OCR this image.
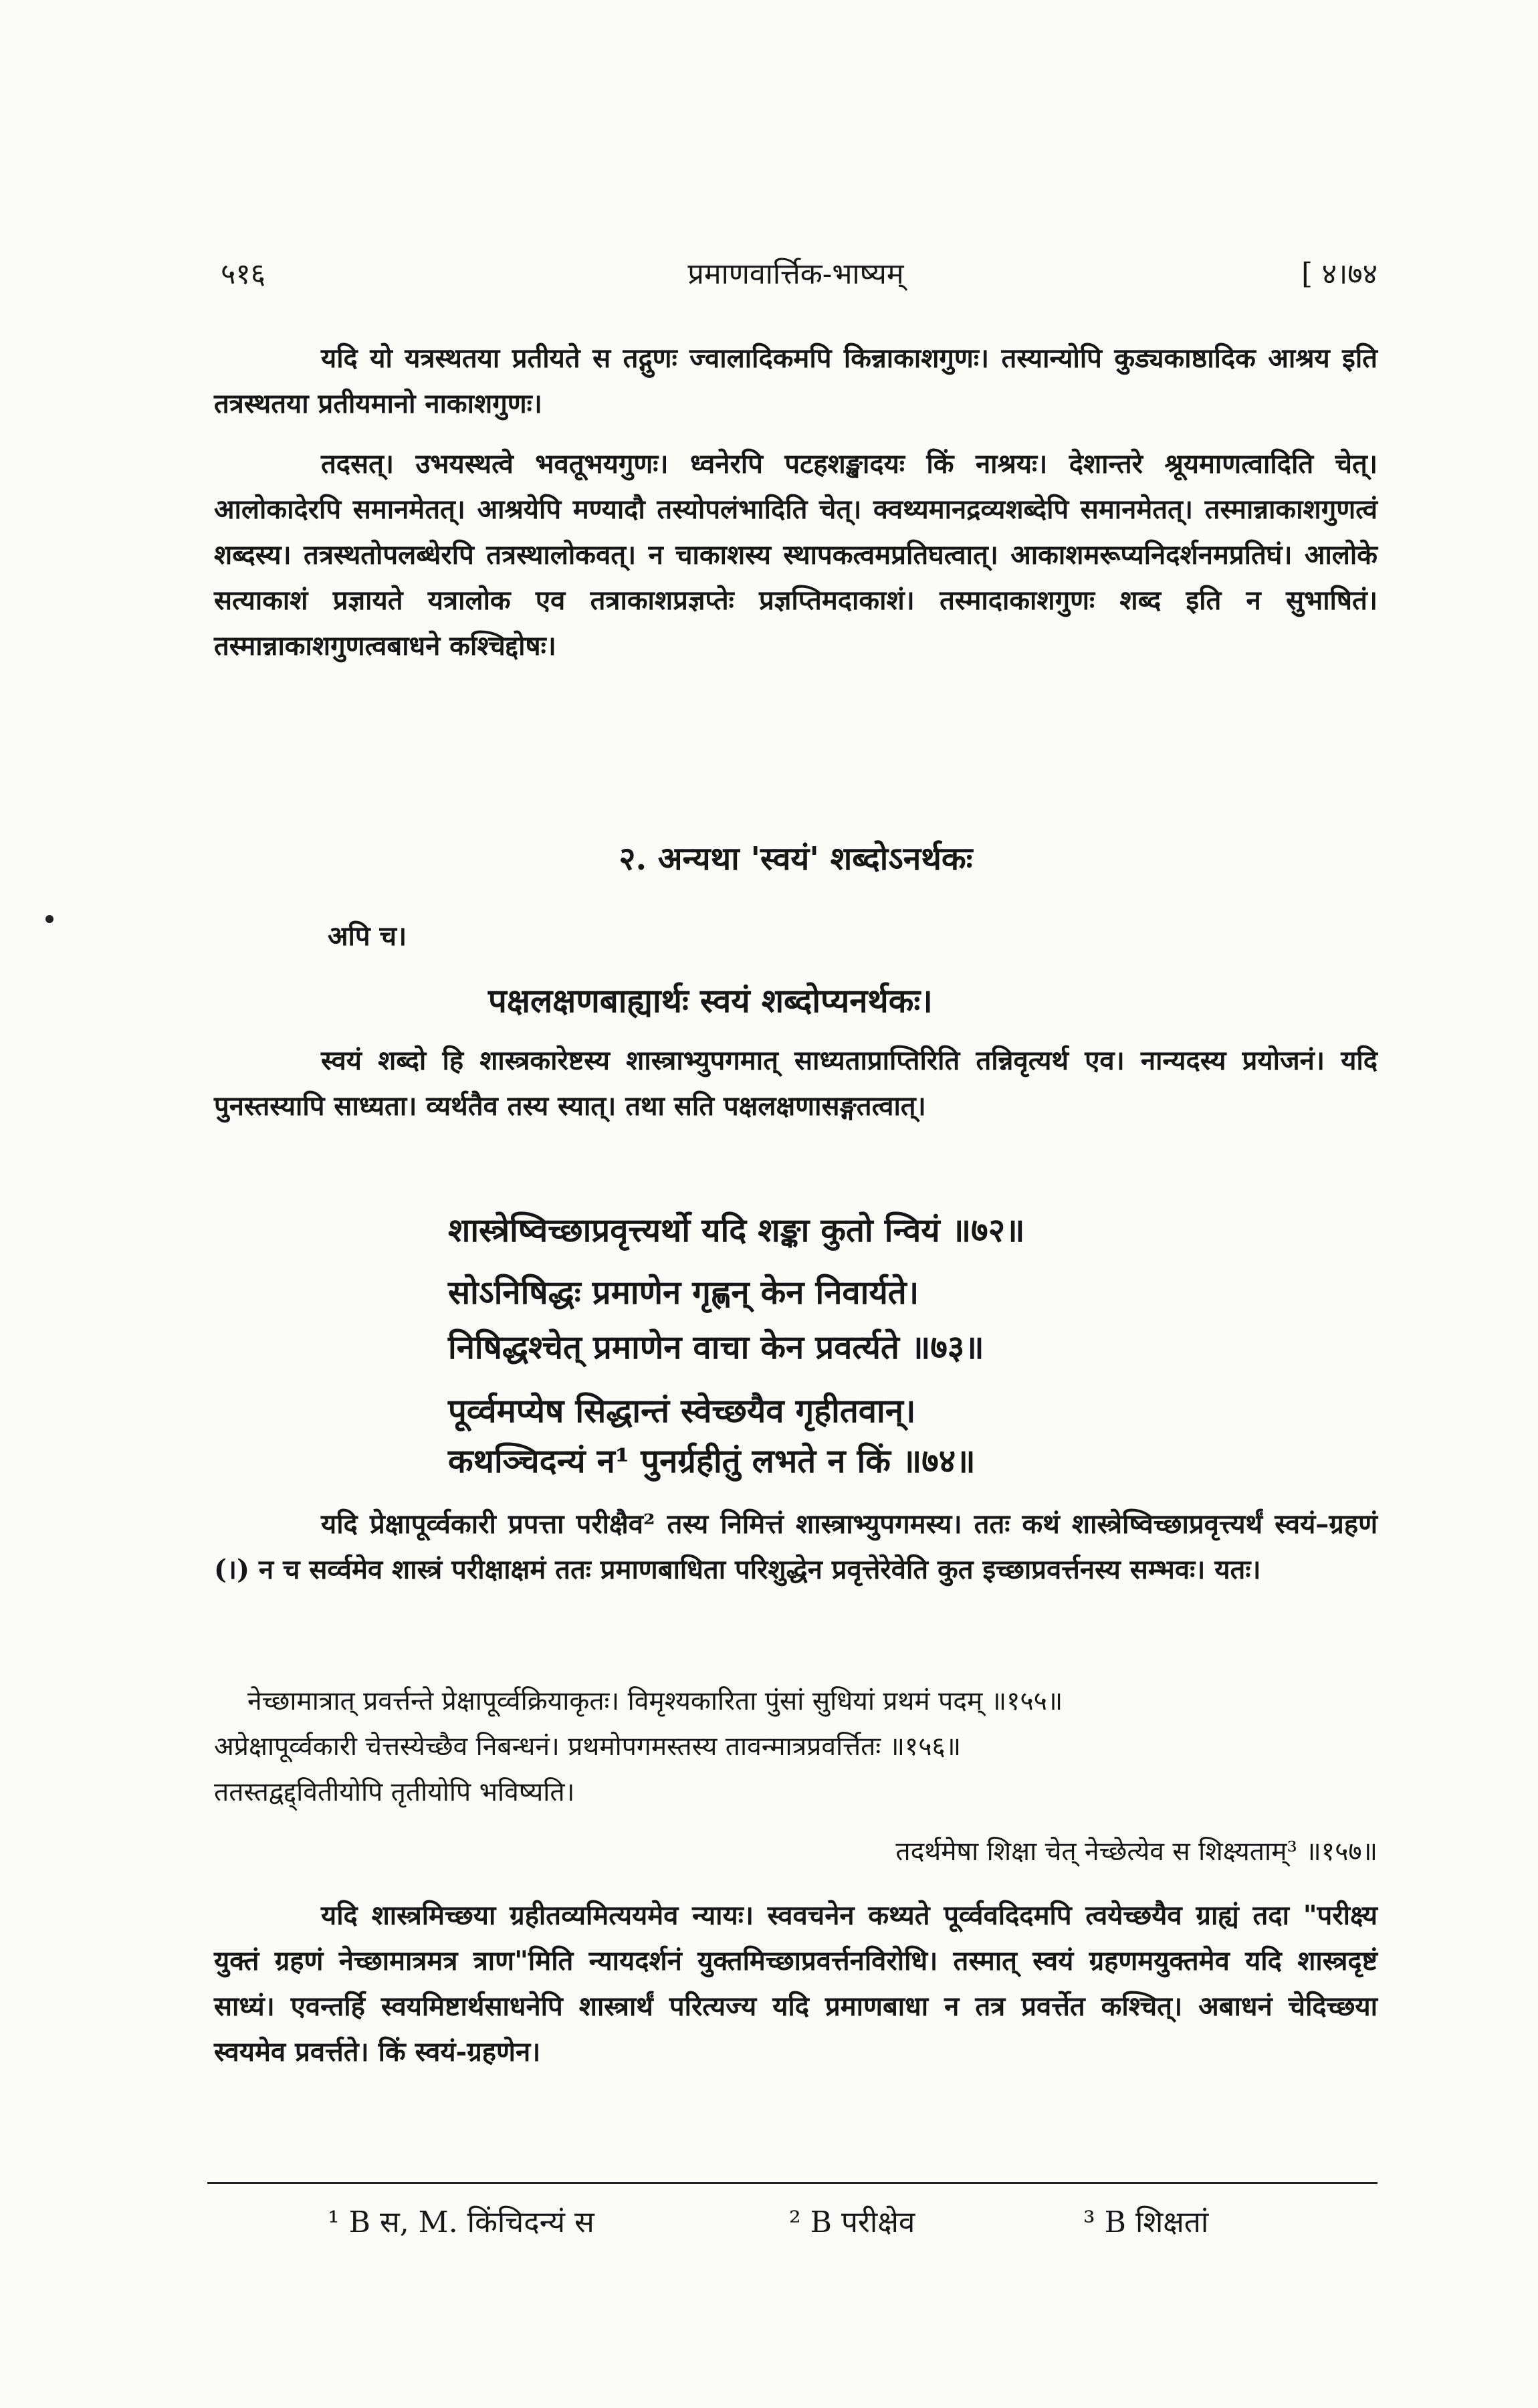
५१६	प्रमाणवार्त्तिक-भाष्यम्	[ ४।७४

यदि यो यत्रस्थतया प्रतीयते स तद्गुणः ज्वालादिकमपि किन्नाकाशगुणः। तस्यान्योपि कुड्यकाष्ठादिक आश्रय इति तत्रस्थतया प्रतीयमानो नाकाशगुणः।

तदसत्। उभयस्थत्वे भवतूभयगुणः। ध्वनेरपि पटहशङ्खादयः किं नाश्रयः। देशान्तरे श्रूयमाणत्वादिति चेत्। आलोकादेरपि समानमेतत्। आश्रयेपि मण्यादौ तस्योपलंभादिति चेत्। क्वथ्यमानद्रव्यशब्देपि समानमेतत्। तस्मान्नाकाशगुणत्वं शब्दस्य। तत्रस्थतोपलब्धेरपि तत्रस्थालोकवत्। न चाकाशस्य स्थापकत्वमप्रतिघत्वात्। आकाशमरूप्यनिदर्शनमप्रतिघं। आलोके सत्याकाशं प्रज्ञायते यत्रालोक एव तत्राकाशप्रज्ञप्तेः प्रज्ञप्तिमदाकाशं। तस्मादाकाशगुणः शब्द इति न सुभाषितं। तस्मान्नाकाशगुणत्वबाधने कश्चिद्दोषः।

२. अन्यथा 'स्वयं' शब्दोऽनर्थकः
अपि च।
पक्षलक्षणबाह्यार्थः स्वयं शब्दोप्यनर्थकः।

स्वयं शब्दो हि शास्त्रकारेष्टस्य शास्त्राभ्युपगमात् साध्यताप्राप्तिरिति तन्निवृत्यर्थ एव। नान्यदस्य प्रयोजनं। यदि पुनस्तस्यापि साध्यता। व्यर्थतैव तस्य स्यात्। तथा सति पक्षलक्षणासङ्गतत्वात्।

शास्त्रेष्विच्छाप्रवृत्त्यर्थो यदि शङ्का कुतो न्वियं ॥७२॥
सोऽनिषिद्धः प्रमाणेन गृह्णन् केन निवार्यते।
निषिद्धश्चेत् प्रमाणेन वाचा केन प्रवर्त्यते ॥७३॥
पूर्व्वमप्येष सिद्धान्तं स्वेच्छयैव गृहीतवान्।
कथञ्चिदन्यं न¹ पुनर्ग्रहीतुं लभते न किं ॥७४॥

यदि प्रेक्षापूर्व्वकारी प्रपत्ता परीक्षैव² तस्य निमित्तं शास्त्राभ्युपगमस्य। ततः कथं शास्त्रेष्विच्छाप्रवृत्त्यर्थं स्वयं–ग्रहणं (।) न च सर्व्वमेव शास्त्रं परीक्षाक्षमं ततः प्रमाणबाधिता परिशुद्धेन प्रवृत्तेरेवेति कुत इच्छाप्रवर्त्तनस्य सम्भवः। यतः।

नेच्छामात्रात् प्रवर्त्तन्ते प्रेक्षापूर्व्वक्रियाकृतः। विमृश्यकारिता पुंसां सुधियां प्रथमं पदम् ॥१५५॥

अप्रेक्षापूर्व्वकारी चेत्तस्येच्छैव निबन्धनं। प्रथमोपगमस्तस्य तावन्मात्रप्रवर्त्तितः ॥१५६॥

ततस्तद्वद्द्वितीयोपि तृतीयोपि भविष्यति।

तदर्थमेषा शिक्षा चेत् नेच्छेत्येव स शिक्ष्यताम्³ ॥१५७॥

यदि शास्त्रमिच्छया ग्रहीतव्यमित्ययमेव न्यायः। स्ववचनेन कथ्यते पूर्व्ववदिदमपि त्वयेच्छयैव ग्राह्यं तदा "परीक्ष्य युक्तं ग्रहणं नेच्छामात्रमत्र त्राण"मिति न्यायदर्शनं युक्तमिच्छाप्रवर्त्तनविरोधि। तस्मात् स्वयं ग्रहणमयुक्तमेव यदि शास्त्रदृष्टं साध्यं। एवन्तर्हि स्वयमिष्टार्थसाधनेपि शास्त्रार्थं परित्यज्य यदि प्रमाणबाधा न तत्र प्रवर्त्तेत कश्चित्। अबाधनं चेदिच्छया स्वयमेव प्रवर्त्तते। किं स्वयं-ग्रहणेन।

¹ B स, M. किंचिदन्यं स	² B परीक्षेव	³ B शिक्षतां
